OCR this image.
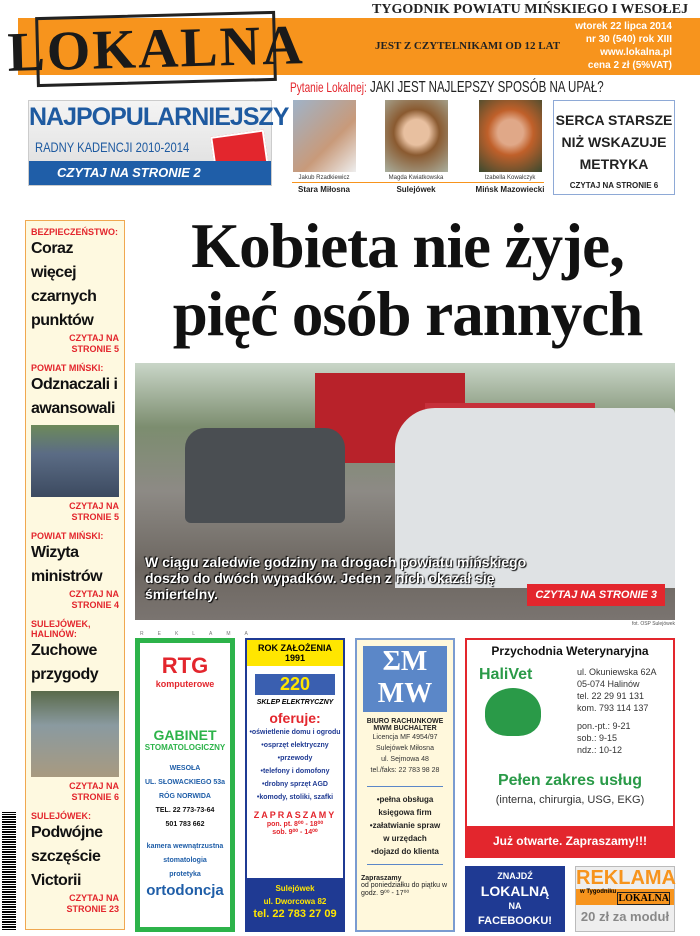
LOKALNA
TYGODNIK POWIATU MIŃSKIEGO I WESOŁEJ
JEST Z CZYTELNIKAMI OD 12 LAT
wtorek 22 lipca 2014
nr 30 (540) rok XIII
www.lokalna.pl
cena 2 zł (5%VAT)
Pytanie Lokalnej: JAKI JEST NAJLEPSZY SPOSÓB NA UPAŁ?
NAJPOPULARNIEJSZY
RADNY KADENCJI 2010-2014
CZYTAJ NA STRONIE 2	Jakub Rzadkiewicz	Magda Kwiatkowska	Izabella Kowalczyk
Stara Miłosna	Sulejówek	Mińsk Mazowiecki
SERCA STARSZE NIŻ WSKAZUJE METRYKA
CZYTAJ NA STRONIE 6
BEZPIECZEŃSTWO:
Coraz więcej czarnych punktów
CZYTAJ NA STRONIE 5
POWIAT MIŃSKI:
Odznaczali i awansowali
CZYTAJ NA STRONIE 5
POWIAT MIŃSKI:
Wizyta ministrów
CZYTAJ NA STRONIE 4
SULEJÓWEK, HALINÓW:
Zuchowe przygody
CZYTAJ NA STRONIE 6
SULEJÓWEK:
Podwójne szczęście Victorii
CZYTAJ NA STRONIE 23
Kobieta nie żyje, pięć osób rannych
W ciągu zaledwie godziny na drogach powiatu mińskiego doszło do dwóch wypadków. Jeden z nich okazał się śmiertelny.	CZYTAJ NA STRONIE 3
fot. OSP Sulejówek
REKLAMA
RTG
komputerowe
GABINET
STOMATOLOGICZNY
WESOŁA
UL. SŁOWACKIEGO 53a
RÓG NORWIDA
TEL. 22 773-73-64
501 783 662
kamera wewnątrzustna
stomatologia
protetyka
ortodoncja
ROK ZAŁOŻENIA 1991
220
SKLEP ELEKTRYCZNY
oferuje:
•oświetlenie domu i ogrodu
•osprzęt elektryczny
•przewody
•telefony i domofony
•drobny sprzęt AGD
•komody, stoliki, szafki
ZAPRASZAMY
pon. pt. 8⁰⁰ - 18⁰⁰
sob. 9⁰⁰ - 14⁰⁰
Sulejówek
ul. Dworcowa 82
tel. 22 783 27 09
ΣM MW
BIURO RACHUNKOWE MWM BUCHALTER
Licencja MF 4954/97
Sulejówek Miłosna
ul. Sejmowa 48
tel./faks: 22 783 98 28
•pełna obsługa księgowa firm
•załatwianie spraw w urzędach
•dojazd do klienta
Zapraszamy
od poniedziałku do piątku w godz. 9⁰⁰ - 17⁰⁰
Przychodnia Weterynaryjna
HaliVet	ul. Okuniewska 62A
05-074 Halinów
tel. 22 29 91 131
kom. 793 114 137
pon.-pt.: 9-21
sob.: 9-15
ndz.: 10-12
Pełen zakres usług
(interna, chirurgia, USG, EKG)
Już otwarte. Zapraszamy!!!
ZNAJDŹ
LOKALNĄ
NA
FACEBOOKU!
REKLAMA
w Tygodniku
LOKALNA
20 zł za moduł
